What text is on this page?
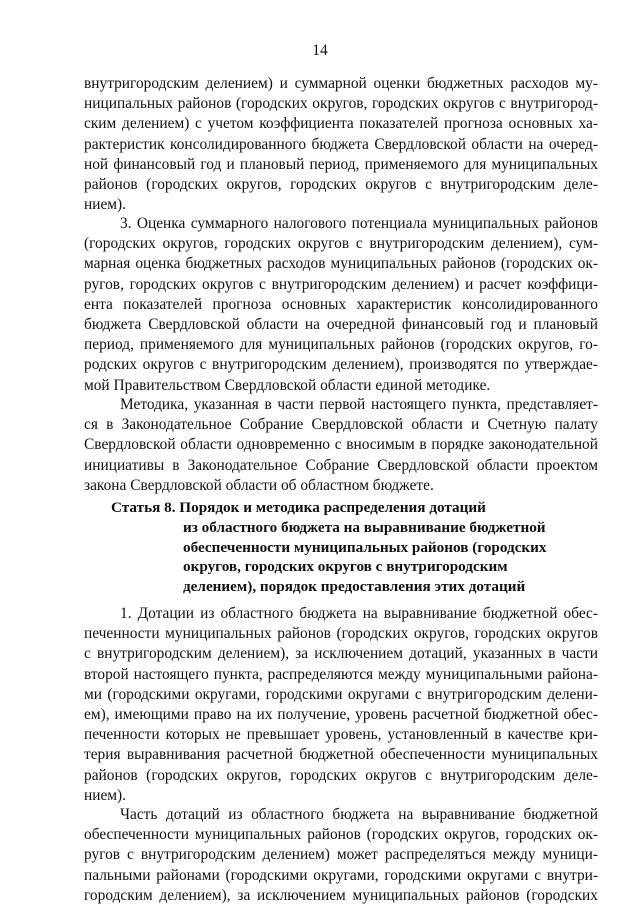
14
внутригородским делением) и суммарной оценки бюджетных расходов му-
ниципальных районов (городских округов, городских округов с внутригород-
ским делением) с учетом коэффициента показателей прогноза основных ха-
рактеристик консолидированного бюджета Свердловской области на очеред-
ной финансовый год и плановый период, применяемого для муниципальных
районов (городских округов, городских округов с внутригородским деле-
нием).
3. Оценка суммарного налогового потенциала муниципальных районов
(городских округов, городских округов с внутригородским делением), сум-
марная оценка бюджетных расходов муниципальных районов (городских ок-
ругов, городских округов с внутригородским делением) и расчет коэффици-
ента показателей прогноза основных характеристик консолидированного
бюджета Свердловской области на очередной финансовый год и плановый
период, применяемого для муниципальных районов (городских округов, го-
родских округов с внутригородским делением), производятся по утверждае-
мой Правительством Свердловской области единой методике.
Методика, указанная в части первой настоящего пункта, представляет-
ся в Законодательное Собрание Свердловской области и Счетную палату
Свердловской области одновременно с вносимым в порядке законодательной
инициативы в Законодательное Собрание Свердловской области проектом
закона Свердловской области об областном бюджете.
Статья 8. Порядок и методика распределения дотаций
из областного бюджета на выравнивание бюджетной
обеспеченности муниципальных районов (городских
округов, городских округов с внутригородским
делением), порядок предоставления этих дотаций
1. Дотации из областного бюджета на выравнивание бюджетной обес-
печенности муниципальных районов (городских округов, городских округов
с внутригородским делением), за исключением дотаций, указанных в части
второй настоящего пункта, распределяются между муниципальными района-
ми (городскими округами, городскими округами с внутригородским делени-
ем), имеющими право на их получение, уровень расчетной бюджетной обес-
печенности которых не превышает уровень, установленный в качестве кри-
терия выравнивания расчетной бюджетной обеспеченности муниципальных
районов (городских округов, городских округов с внутригородским деле-
нием).
Часть дотаций из областного бюджета на выравнивание бюджетной
обеспеченности муниципальных районов (городских округов, городских ок-
ругов с внутригородским делением) может распределяться между муници-
пальными районами (городскими округами, городскими округами с внутри-
городским делением), за исключением муниципальных районов (городских
